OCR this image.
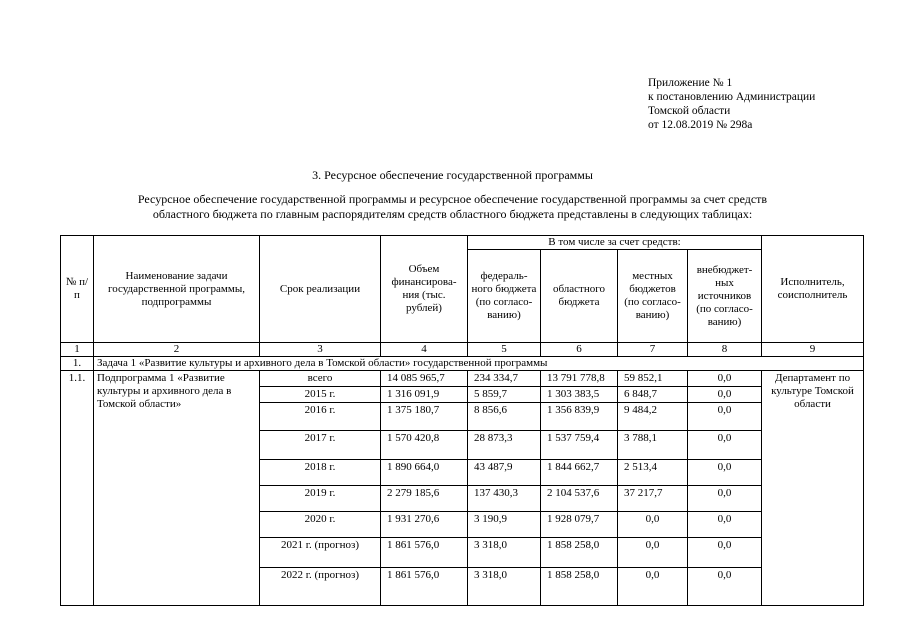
Приложение № 1
к постановлению Администрации
Томской области
от 12.08.2019 № 298а
3. Ресурсное обеспечение государственной программы
Ресурсное обеспечение государственной программы и ресурсное обеспечение государственной программы за счет средств
областного бюджета по главным распорядителям средств областного бюджета представлены в следующих таблицах:
№ п/п	Наименование задачи государственной программы, подпрограммы	Срок реализации	Объем финансирова-ния (тыс. рублей)	В том числе за счет средств:				Исполнитель, соисполнитель
				федераль-ного бюджета (по согласо-ванию)	областного бюджета	местных бюджетов (по согласо-ванию)	внебюджет-ных источников (по согласо-ванию)	
1	2	3	4	5	6	7	8	9
1.	Задача 1 «Развитие культуры и архивного дела в Томской области» государственной программы							
1.1.	Подпрограмма 1 «Развитие культуры и архивного дела в Томской области»	всего	14 085 965,7	234 334,7	13 791 778,8	59 852,1	0,0	Департамент по культуре Томской области
		2015 г.	1 316 091,9	5 859,7	1 303 383,5	6 848,7	0,0	
		2016 г.	1 375 180,7	8 856,6	1 356 839,9	9 484,2	0,0	
		2017 г.	1 570 420,8	28 873,3	1 537 759,4	3 788,1	0,0	
		2018 г.	1 890 664,0	43 487,9	1 844 662,7	2 513,4	0,0	
		2019 г.	2 279 185,6	137 430,3	2 104 537,6	37 217,7	0,0	
		2020 г.	1 931 270,6	3 190,9	1 928 079,7	0,0	0,0	
		2021 г. (прогноз)	1 861 576,0	3 318,0	1 858 258,0	0,0	0,0	
		2022 г. (прогноз)	1 861 576,0	3 318,0	1 858 258,0	0,0	0,0	
